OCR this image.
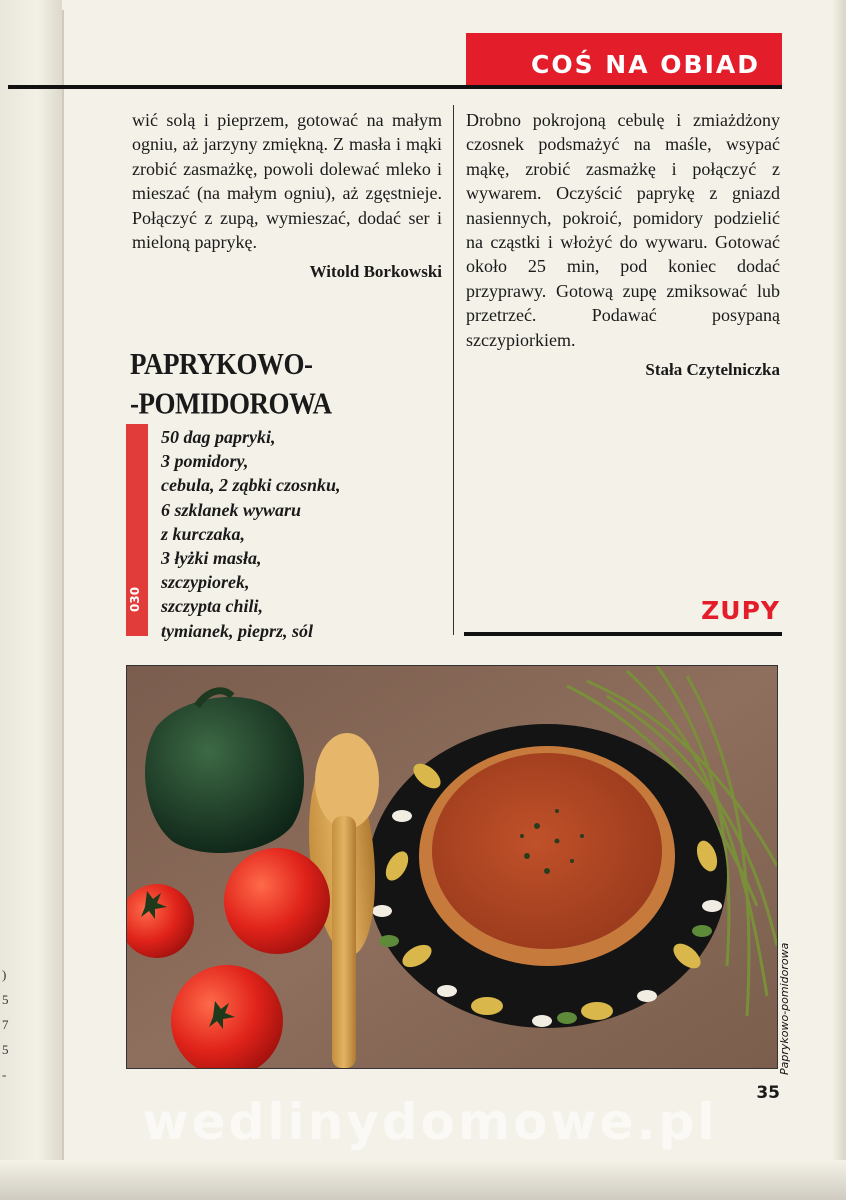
)
5
7
5
-
COŚ NA OBIAD

wić solą i pieprzem, gotować na małym ogniu, aż jarzyny zmiękną. Z masła i mąki zrobić zasmażkę, powoli dolewać mleko i mieszać (na małym ogniu), aż zgęstnieje. Połączyć z zupą, wymieszać, dodać ser i mieloną paprykę.

Witold Borkowski
PAPRYKOWO-
-POMIDOROWA
030
50 dag papryki,
3 pomidory,
cebula, 2 ząbki czosnku,
6 szklanek wywaru
z kurczaka,
3 łyżki masła,
szczypiorek,
szczypta chili,
tymianek, pieprz, sól

Drobno pokrojoną cebulę i zmiażdżony czosnek podsmażyć na maśle, wsypać mąkę, zrobić zasmażkę i połączyć z wywarem. Oczyścić paprykę z gniazd nasiennych, pokroić, pomidory podzielić na cząstki i włożyć do wywaru. Gotować około 25 min, pod koniec dodać przyprawy. Gotową zupę zmiksować lub przetrzeć. Podawać posypaną szczypiorkiem.

Stała Czytelniczka
ZUPY
Paprykowo-pomidorowa
35
wedlinydomowe.pl
